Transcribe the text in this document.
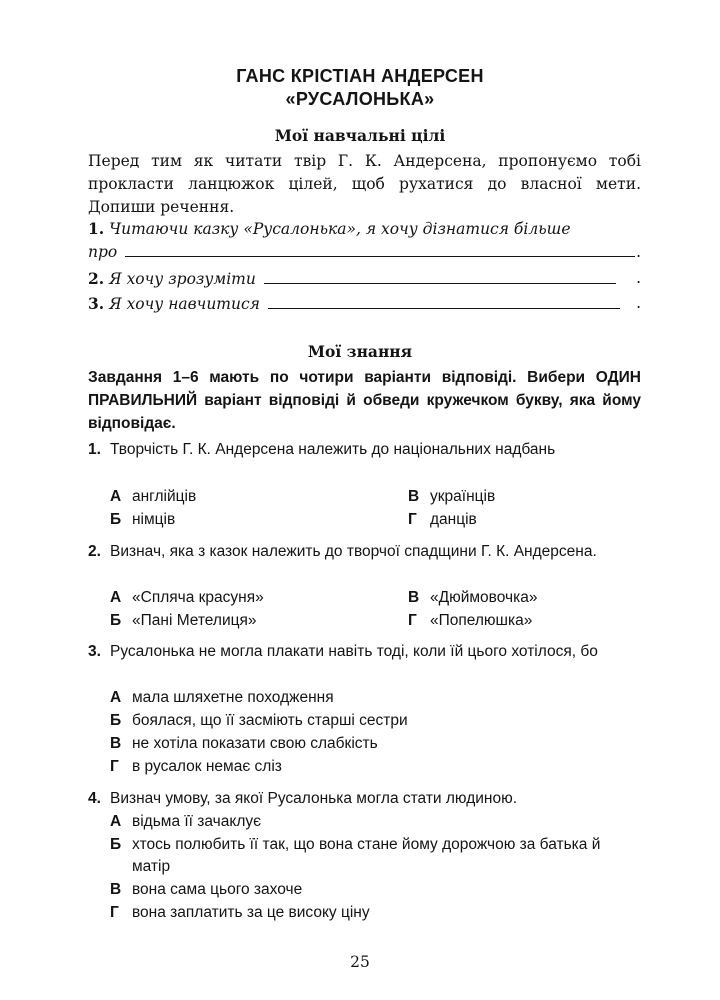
ГАНС КРІСТІАН АНДЕРСЕН
«РУСАЛОНЬКА»
Мої навчальні цілі
Перед тим як читати твір Г. К. Андерсена, пропонуємо тобі прокласти ланцюжок цілей, щоб рухатися до власної мети. Допиши речення.
1. Читаючи казку «Русалонька», я хочу дізнатися більше
про	.
2. Я хочу зрозуміти	.
3. Я хочу навчитися	.
Мої знання
Завдання 1–6 мають по чотири варіанти відповіді. Вибери ОДИН ПРАВИЛЬНИЙ варіант відповіді й обведи кружечком букву, яка йому відповідає.
1. Творчість Г. К. Андерсена належить до національних надбань
А англійців	В українців
Б німців	Г данців
2. Визнач, яка з казок належить до творчої спадщини Г. К. Андерсена.
А «Спляча красуня»	В «Дюймовочка»
Б «Пані Метелиця»	Г «Попелюшка»
3. Русалонька не могла плакати навіть тоді, коли їй цього хотілося, бо
А мала шляхетне походження
Б боялася, що її засміють старші сестри
В не хотіла показати свою слабкість
Г в русалок немає сліз
4. Визнач умову, за якої Русалонька могла стати людиною.
А відьма її зачаклує
Б хтось полюбить її так, що вона стане йому дорожчою за батька й матір
В вона сама цього захоче
Г вона заплатить за це високу ціну
25
